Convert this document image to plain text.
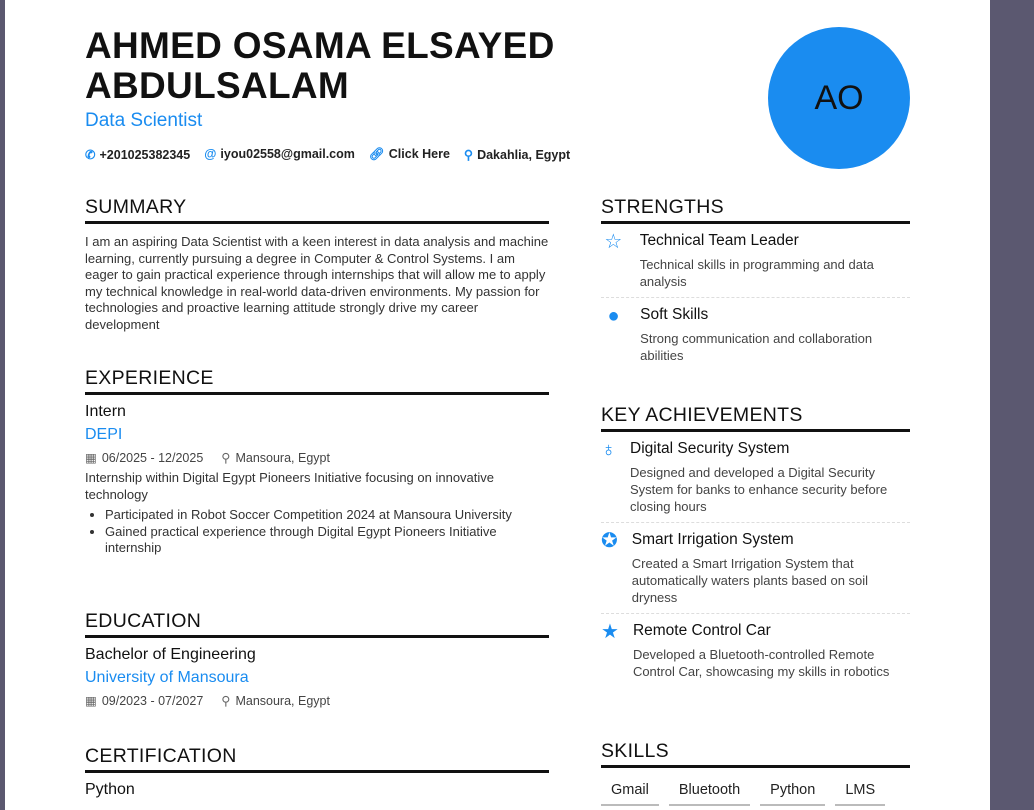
AHMED OSAMA ELSAYED ABDULSALAM
Data Scientist
✆ +201025382345 @ iyou02558@gmail.com 🔗︎ Click Here ⚲ Dakahlia, Egypt
AO
SUMMARY
I am an aspiring Data Scientist with a keen interest in data analysis and machine learning, currently pursuing a degree in Computer & Control Systems. I am eager to gain practical experience through internships that will allow me to apply my technical knowledge in real-world data-driven environments. My passion for technologies and proactive learning attitude strongly drive my career development
EXPERIENCE
Intern
DEPI
▦ 06/2025 - 12/2025 ⚲ Mansoura, Egypt
Internship within Digital Egypt Pioneers Initiative focusing on innovative technology
• Participated in Robot Soccer Competition 2024 at Mansoura University
• Gained practical experience through Digital Egypt Pioneers Initiative internship
EDUCATION
Bachelor of Engineering
University of Mansoura
▦ 09/2023 - 07/2027 ⚲ Mansoura, Egypt
CERTIFICATION
Python
STRENGTHS
☆ Technical Team Leader
Technical skills in programming and data analysis
●	Soft Skills
Strong communication and collaboration abilities
KEY ACHIEVEMENTS
♁ Digital Security System
Designed and developed a Digital Security System for banks to enhance security before closing hours
✪ Smart Irrigation System
Created a Smart Irrigation System that automatically waters plants based on soil dryness
★ Remote Control Car
Developed a Bluetooth-controlled Remote Control Car, showcasing my skills in robotics
SKILLS
Gmail	Bluetooth	Python	LMS
